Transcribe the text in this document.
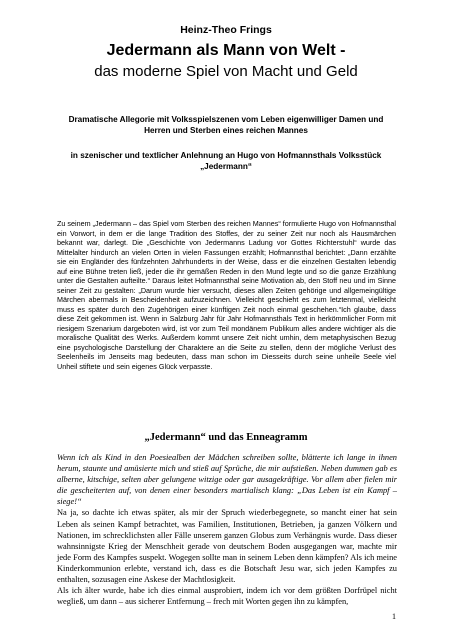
Heinz-Theo Frings
Jedermann als Mann von Welt -
das moderne Spiel von Macht und Geld
Dramatische Allegorie mit Volksspielszenen vom Leben eigenwilliger Damen und Herren und Sterben eines reichen Mannes
in szenischer und textlicher Anlehnung an Hugo von Hofmannsthals Volksstück „Jedermann“
Zu seinem „Jedermann – das Spiel vom Sterben des reichen Mannes“ formulierte Hugo von Hofmannsthal ein Vorwort, in dem er die lange Tradition des Stoffes, der zu seiner Zeit nur noch als Hausmärchen bekannt war, darlegt. Die „Geschichte von Jedermanns Ladung vor Gottes Richterstuhl“ wurde das Mittelalter hindurch an vielen Orten in vielen Fassungen erzählt; Hofmannsthal berichtet: „Dann erzählte sie ein Engländer des fünfzehnten Jahrhunderts in der Weise, dass er die einzelnen Gestalten lebendig auf eine Bühne treten ließ, jeder die ihr gemäßen Reden in den Mund legte und so die ganze Erzählung unter die Gestalten aufteilte.“ Daraus leitet Hofmannsthal seine Motivation ab, den Stoff neu und im Sinne seiner Zeit zu gestalten: „Darum wurde hier versucht, dieses allen Zeiten gehörige und allgemeingültige Märchen abermals in Bescheidenheit aufzuzeichnen. Vielleicht geschieht es zum letztenmal, vielleicht muss es später durch den Zugehörigen einer künftigen Zeit noch einmal geschehen.“Ich glaube, dass diese Zeit gekommen ist. Wenn in Salzburg Jahr für Jahr Hofmannsthals Text in herkömmlicher Form mit riesigem Szenarium dargeboten wird, ist vor zum Teil mondänem Publikum alles andere wichtiger als die moralische Qualität des Werks. Außerdem kommt unsere Zeit nicht umhin, dem metaphysischen Bezug eine psychologische Darstellung der Charaktere an die Seite zu stellen, denn der mögliche Verlust des Seelenheils im Jenseits mag bedeuten, dass man schon im Diesseits durch seine unheile Seele viel Unheil stiftete und sein eigenes Glück verpasste.
„Jedermann“ und das Enneagramm
Wenn ich als Kind in den Poesiealben der Mädchen schreiben sollte, blätterte ich lange in ihnen herum, staunte und amüsierte mich und stieß auf Sprüche, die mir aufstießen. Neben dummen gab es alberne, kitschige, selten aber gelungene witzige oder gar ausagekräftige. Vor allem aber fielen mir die gescheiterten auf, von denen einer besonders martialisch klang: „Das Leben ist ein Kampf – siege!“
Na ja, so dachte ich etwas später, als mir der Spruch wiederbegegnete, so mancht einer hat sein Leben als seinen Kampf betrachtet, was Familien, Institutionen, Betrieben, ja ganzen Völkern und Nationen, im schrecklichsten aller Fälle unserem ganzen Globus zum Verhängnis wurde. Dass dieser wahnsinnigste Krieg der Menschheit gerade von deutschem Boden ausgegangen war, machte mir jede Form des Kampfes suspekt. Wogegen sollte man in seinem Leben denn kämpfen? Als ich meine Kinderkommunion erlebte, verstand ich, dass es die Botschaft Jesu war, sich jeden Kampfes zu enthalten, sozusagen eine Askese der Machtlosigkeit.
Als ich älter wurde, habe ich dies einmal ausprobiert, indem ich vor dem größten Dorfrüpel nicht wegließ, um dann – aus sicherer Entfernung – frech mit Worten gegen ihn zu kämpfen,
1
